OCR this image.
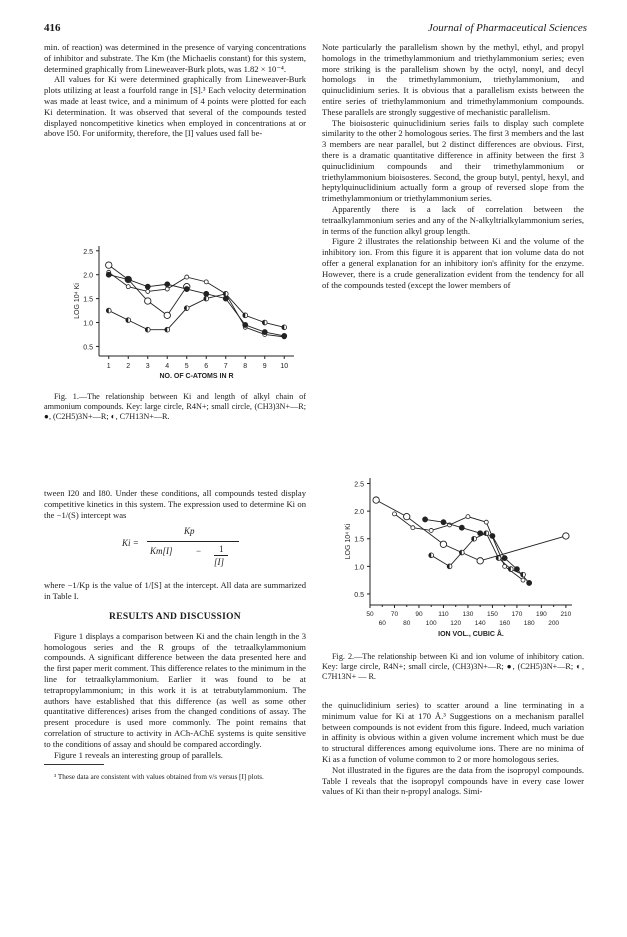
416	Journal of Pharmaceutical Sciences

min. of reaction) was determined in the presence of varying concentrations of inhibitor and substrate. The Km (the Michaelis constant) for this system, determined graphically from Lineweaver-Burk plots, was 1.82 × 10⁻⁴.

All values for Ki were determined graphically from Lineweaver-Burk plots utilizing at least a fourfold range in [S].³ Each velocity determination was made at least twice, and a minimum of 4 points were plotted for each Ki determination. It was observed that several of the compounds tested displayed noncompetitive kinetics when employed in concentrations at or above I50. For uniformity, therefore, the [I] values used fall be-

0.5
1.0
1.5
2.0
2.5
LOG 10⁴ Ki
1 2 3 4 5 6 7 8 9 10
NO. OF C-ATOMS IN R
Fig. 1.—The relationship between Ki and length of alkyl chain of ammonium compounds. Key: large circle, R4N+; small circle, (CH3)3N+—R; ●, (C2H5)3N+—R; ◐, C7H13N+—R.

tween I20 and I80. Under these conditions, all compounds tested display competitive kinetics in this system. The expression used to determine Ki on the −1/(S) intercept was

Ki =
Kp
Km[I]	− 1
[I]

where −1/Kp is the value of 1/[S] at the intercept. All data are summarized in Table I.

RESULTS AND DISCUSSION

Figure 1 displays a comparison between Ki and the chain length in the 3 homologous series and the R groups of the tetraalkylammonium compounds. A significant difference between the data presented here and the first paper merit comment. This difference relates to the minimum in the line for tetraalkylammonium. Earlier it was found to be at tetrapropylammonium; in this work it is at tetrabutylammonium. The authors have established that this difference (as well as some other quantitative differences) arises from the changed conditions of assay. The present procedure is used more commonly. The point remains that correlation of structure to activity in ACh-AChE systems is quite sensitive to the conditions of assay and should be compared accordingly.

Figure 1 reveals an interesting group of parallels.

³ These data are consistent with values obtained from v/s versus [I] plots.

Note particularly the parallelism shown by the methyl, ethyl, and propyl homologs in the trimethylammonium and triethylammonium series; even more striking is the parallelism shown by the octyl, nonyl, and decyl homologs in the trimethylammonium, triethylammonium, and quinuclidinium series. It is obvious that a parallelism exists between the entire series of triethylammonium and trimethylammonium compounds. These parallels are strongly suggestive of mechanistic parallelism.

The bioisosteric quinuclidinium series fails to display such complete similarity to the other 2 homologous series. The first 3 members and the last 3 members are near parallel, but 2 distinct differences are obvious. First, there is a dramatic quantitative difference in affinity between the first 3 quinuclidinium compounds and their trimethylammonium or triethylammonium bioisosteres. Second, the group butyl, pentyl, hexyl, and heptylquinuclidinium actually form a group of reversed slope from the trimethylammonium or triethylammonium series.

Apparently there is a lack of correlation between the tetraalkylammonium series and any of the N-alkyltrialkylammonium series, in terms of the function alkyl group length.

Figure 2 illustrates the relationship between Ki and the volume of the inhibitory ion. From this figure it is apparent that ion volume data do not offer a general explanation for an inhibitory ion's affinity for the enzyme. However, there is a crude generalization evident from the tendency for all of the compounds tested (except the lower members of

0.5
1.0
1.5
2.0
2.5
LOG 10⁴ Ki
50	70	90 110 130 150 170 190 210
60	80 100 120 140 160 180 200
ION VOL., CUBIC Å.
Fig. 2.—The relationship between Ki and ion volume of inhibitory cation. Key: large circle, R4N+; small circle, (CH3)3N+—R; ●, (C2H5)3N+—R; ◐, C7H13N+ — R.

the quinuclidinium series) to scatter around a line terminating in a minimum value for Ki at 170 Å.³ Suggestions on a mechanism parallel between compounds is not evident from this figure. Indeed, much variation in affinity is obvious within a given volume increment which must be due to structural differences among equivolume ions. There are no minima of Ki as a function of volume common to 2 or more homologous series.

Not illustrated in the figures are the data from the isopropyl compounds. Table I reveals that the isopropyl compounds have in every case lower values of Ki than their n-propyl analogs. Simi-
